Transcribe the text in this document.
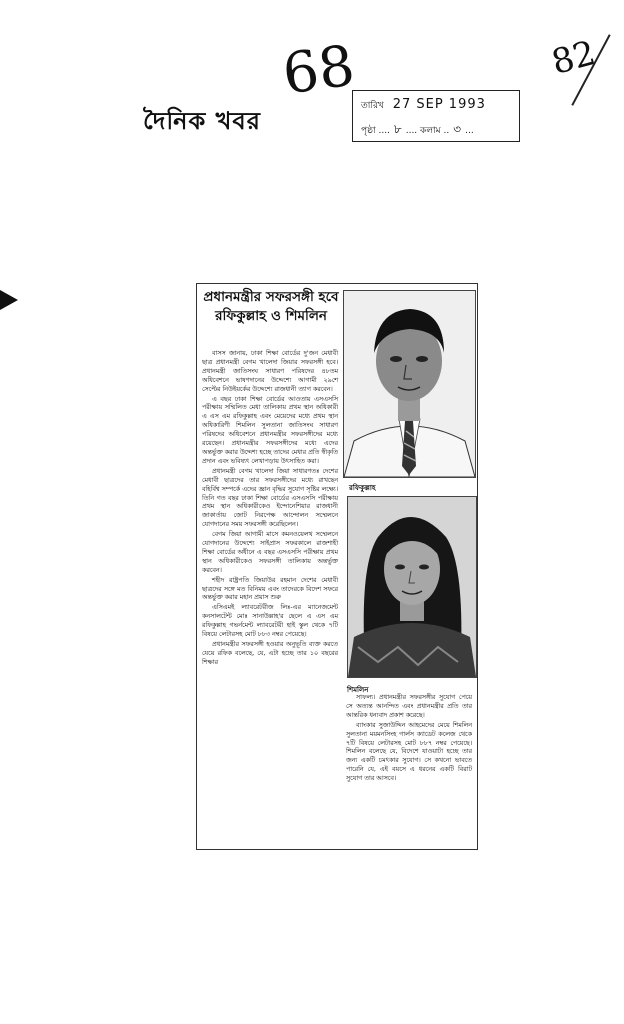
দৈনিক খবর
68	82
তারিখ 27 SEP 1993
পৃষ্ঠা .... ৮ .... কলাম .. ৩ ...
প্রধানমন্ত্রীর সফরসঙ্গী হবে রফিকুল্লাহ ও শিমলিন

বাসস জানায়, ঢাকা শিক্ষা বোর্ডের দু'জন মেধাবী ছাত্র প্রধানমন্ত্রী বেগম খালেদা জিয়ার সফরসঙ্গী হবে। প্রধানমন্ত্রী জাতিসংঘ সাধারণ পরিষদের ৪৮তম অধিবেশনে ভাষণদানের উদ্দেশ্যে আগামী ২৯শে সেপ্টের নিউইয়র্কের উদ্দেশ্যে রাজধানী ত্যাগ করবেন।

এ বছর ঢাকা শিক্ষা বোর্ডের আওতায় এসএসসি পরীক্ষায় সম্মিলিত মেধা তালিকায় প্রথম স্থান অধিকারী এ এস এম রফিকুল্লাহ এবং মেয়েদের মধ্যে প্রথম স্থান অধিকারিণী শিমলিন সুলতানা জাতিসংঘ সাধারণ পরিষদের অধিবেশনে প্রধানমন্ত্রীর সফরসঙ্গীদের মধ্যে রয়েছেন। প্রধানমন্ত্রীর সফরসঙ্গীদের মধ্যে এদের অন্তর্ভুক্ত করার উদ্দেশ্য হচ্ছে তাদের মেধার প্রতি স্বীকৃতি প্রদান এবং ভবিষ্যৎ লেখাপড়ায় উৎসাহিত করা।

প্রধানমন্ত্রী বেগম খালেদা জিয়া সাধারণতঃ দেশের মেধাবী ছাত্রদের তার সফরসঙ্গীদের মধ্যে রাখছেন বহির্বিশ্ব সম্পর্কে এদের জ্ঞান বৃদ্ধির সুযোগ সৃষ্টির লক্ষ্যে। তিনি গত বছর ঢাকা শিক্ষা বোর্ডের এসএসসি পরীক্ষায় প্রথম স্থান অধিকারীকেও ইন্দোনেশিয়ার রাজধানী জাকার্তায় জোট নিরপেক্ষ আন্দোলন সম্মেলনে যোগদানের সময় সফরসঙ্গী করেছিলেন।

বেগম জিয়া আগামী মাসে কমনওয়েলথ সম্মেলনে যোগদানের উদ্দেশ্যে সাইপ্রাস সফরকালে রাজশাহী শিক্ষা বোর্ডের অধীনে এ বছর এসএসসি পরীক্ষায় প্রথম স্থান অধিকারীকেও সফরসঙ্গী তালিকায় অন্তর্ভুক্ত করবেন।

শহীদ রাষ্ট্রপতি জিয়াউর রহমান দেশের মেধাবী ছাত্রদের সঙ্গে মত বিনিময় এবং তাদেরকে বিদেশ সফরে অন্তর্ভুক্ত করার মহান প্রয়াস শুরু

এসিএমই ল্যাবরেটরীজ লিঃ-এর ম্যানেজমেন্ট কনসালটেন্ট মোঃ সানাউল্লাহ'র ছেলে এ এস এম রফিকুল্লাহ গভর্নমেন্ট ল্যাবরেটরী হাই স্কুল থেকে ৭টি বিষয়ে লেটারসহ মোট ৮৮৩ নম্বর পেয়েছে।

প্রধানমন্ত্রীর সফরসঙ্গী হওয়ার অনুভূতি ব্যক্ত করতে যেয়ে রফিক বলেছে, যে, এটা হচ্ছে তার ১০ বছরের শিক্ষার

রফিকুল্লাহ
শিমলিন

সাফল্য। প্রধানমন্ত্রীর সফরসঙ্গীর সুযোগ পেয়ে সে অত্যন্ত আনন্দিত এবং প্রধানমন্ত্রীর প্রতি তার আন্তরিক ধন্যবাদ প্রকাশ করেছে।

ব্যাংকার সুজাউদ্দিন আহমেদের মেয়ে শিমলিন সুলতানা ময়মনসিংহ গার্লস ক্যাডেট কলেজ থেকে ৭টি বিষয়ে লেটারসহ মোট ৮৮৭ নম্বর পেয়েছে। শিমলিন বলেছে যে, বিদেশে যাওয়াটা হচ্ছে তার জন্য একটি চমৎকার সুযোগ। সে কখনো ভাবতে পারেনি যে, এই বয়সে এ ধরনের একটি বিরাট সুযোগ তার আসবে।
